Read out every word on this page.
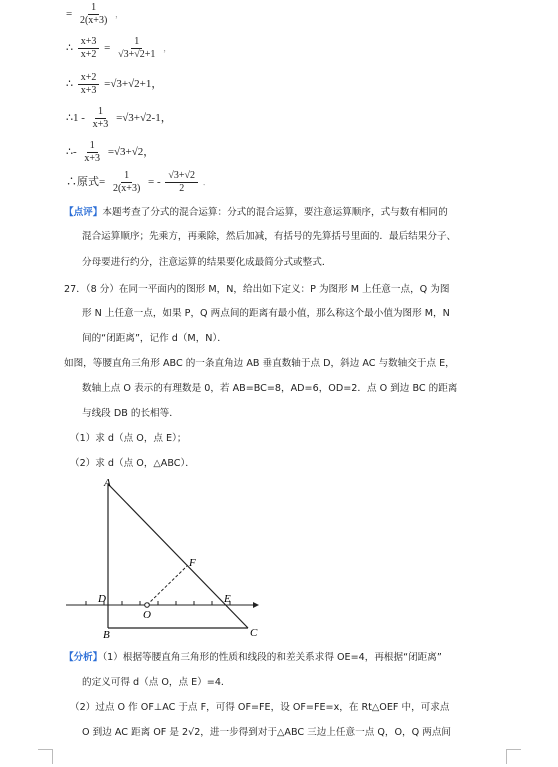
= $\frac{1}{2(x+3)}$ ，
∴ $\frac{x+3}{x+2} = \frac{1}{√3+√2+1}$ ，
∴ $\frac{x+2}{x+3} =√3+√2+1$，
∴1 - $\frac{1}{x+3} =√3+√2-1$，
∴- $\frac{1}{x+3} =√3+√2$，
∴原式= $\frac{1}{2(x+3)}$ = - $\frac{√3+√2}{2}$ ．
【点评】本题考查了分式的混合运算：分式的混合运算，要注意运算顺序，式与数有相同的
混合运算顺序；先乘方，再乘除，然后加减，有括号的先算括号里面的．最后结果分子、
分母要进行约分，注意运算的结果要化成最简分式或整式．
27．（8 分）在同一平面内的图形 M，N，给出如下定义：P 为图形 M 上任意一点，Q 为图
形 N 上任意一点，如果 P，Q 两点间的距离有最小值，那么称这个最小值为图形 M，N
间的“闭距离”，记作 d（M，N）．
如图，等腰直角三角形 ABC 的一条直角边 AB 垂直数轴于点 D，斜边 AC 与数轴交于点 E，
数轴上点 O 表示的有理数是 0，若 AB=BC=8，AD=6，OD=2．点 O 到边 BC 的距离
与线段 DB 的长相等．
（1）求 d（点 O，点 E）；
（2）求 d（点 O，△ABC）．
A
B	C
D	E
F
O
【分析】（1）根据等腰直角三角形的性质和线段的和差关系求得 OE=4，再根据“闭距离”
的定义可得 d（点 O，点 E）=4．
（2）过点 O 作 OF⊥AC 于点 F，可得 OF=FE，设 OF=FE=x，在 Rt△OEF 中，可求点
O 到边 AC 距离 OF 是 2√2，进一步得到对于△ABC 三边上任意一点 Q，O，Q 两点间
